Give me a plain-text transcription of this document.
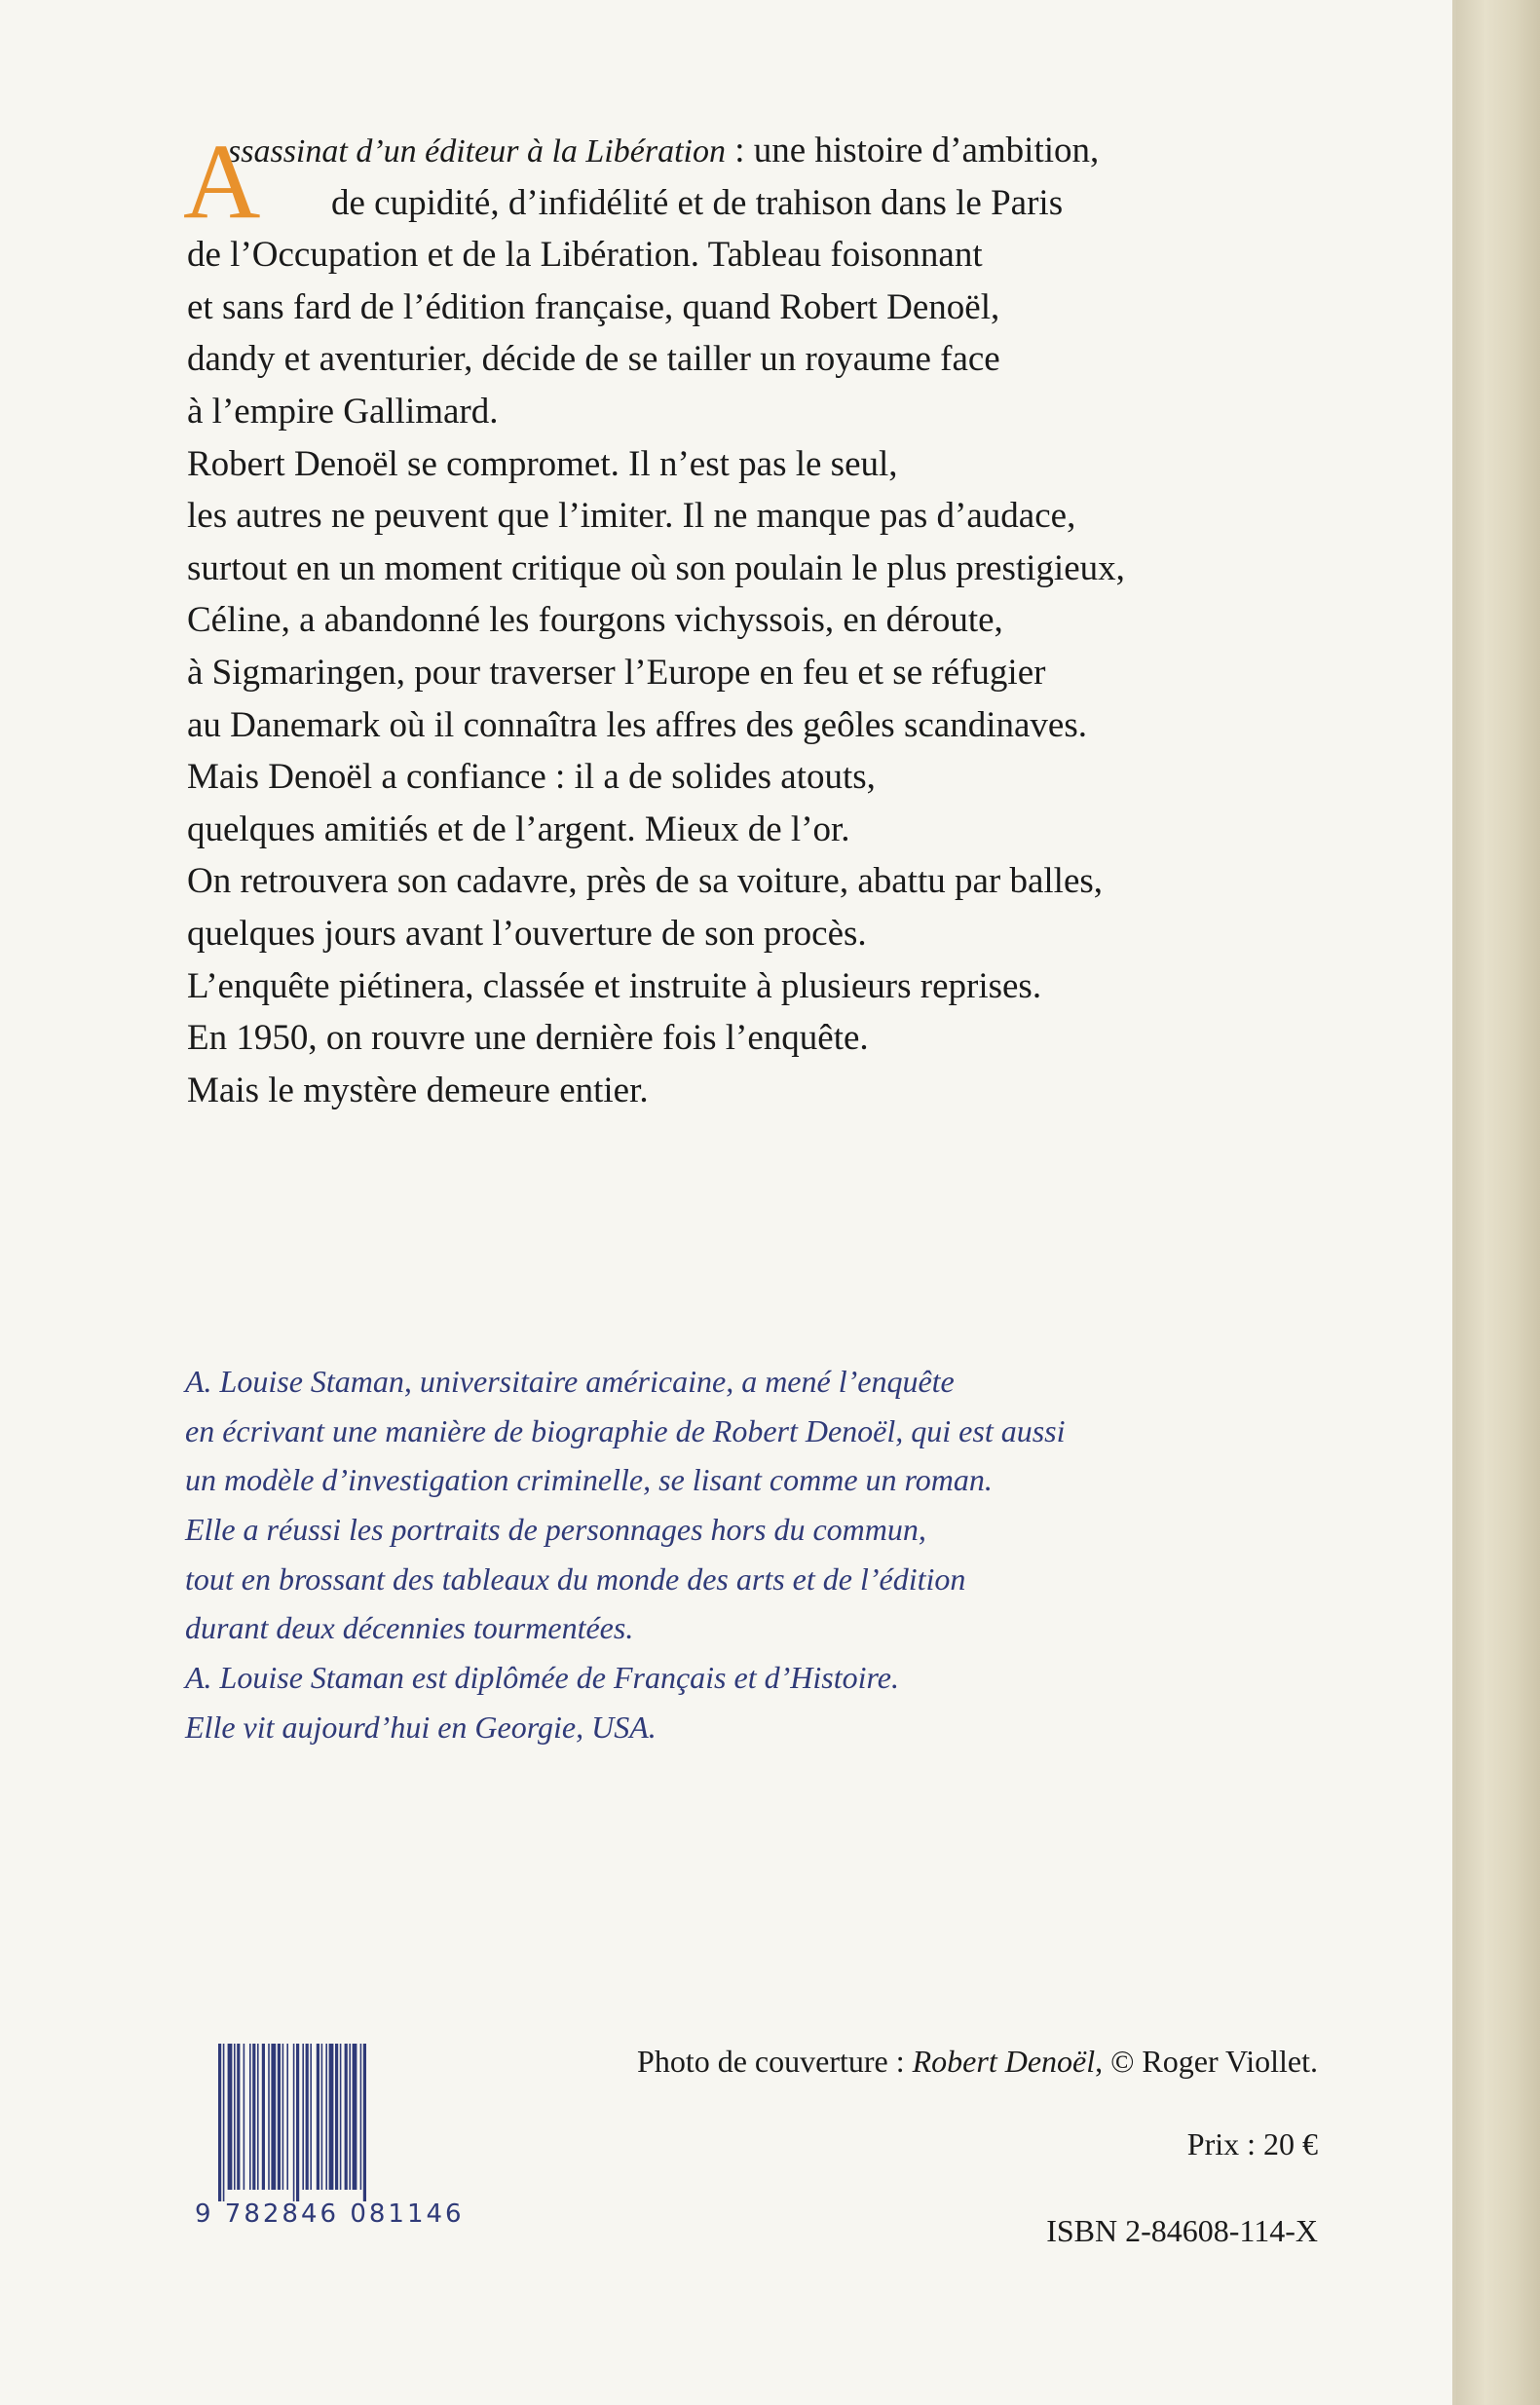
A
ssassinat d’un éditeur à la Libération : une histoire d’ambition,
de cupidité, d’infidélité et de trahison dans le Paris
de l’Occupation et de la Libération. Tableau foisonnant
et sans fard de l’édition française, quand Robert Denoël,
dandy et aventurier, décide de se tailler un royaume face
à l’empire Gallimard.
Robert Denoël se compromet. Il n’est pas le seul,
les autres ne peuvent que l’imiter. Il ne manque pas d’audace,
surtout en un moment critique où son poulain le plus prestigieux,
Céline, a abandonné les fourgons vichyssois, en déroute,
à Sigmaringen, pour traverser l’Europe en feu et se réfugier
au Danemark où il connaîtra les affres des geôles scandinaves.
Mais Denoël a confiance : il a de solides atouts,
quelques amitiés et de l’argent. Mieux de l’or.
On retrouvera son cadavre, près de sa voiture, abattu par balles,
quelques jours avant l’ouverture de son procès.
L’enquête piétinera, classée et instruite à plusieurs reprises.
En 1950, on rouvre une dernière fois l’enquête.
Mais le mystère demeure entier.
A. Louise Staman, universitaire américaine, a mené l’enquête
en écrivant une manière de biographie de Robert Denoël, qui est aussi
un modèle d’investigation criminelle, se lisant comme un roman.
Elle a réussi les portraits de personnages hors du commun,
tout en brossant des tableaux du monde des arts et de l’édition
durant deux décennies tourmentées.
A. Louise Staman est diplômée de Français et d’Histoire.
Elle vit aujourd’hui en Georgie, USA.
9 782846 081146
Photo de couverture : Robert Denoël, © Roger Viollet.
Prix : 20 €
ISBN 2-84608-114-X
